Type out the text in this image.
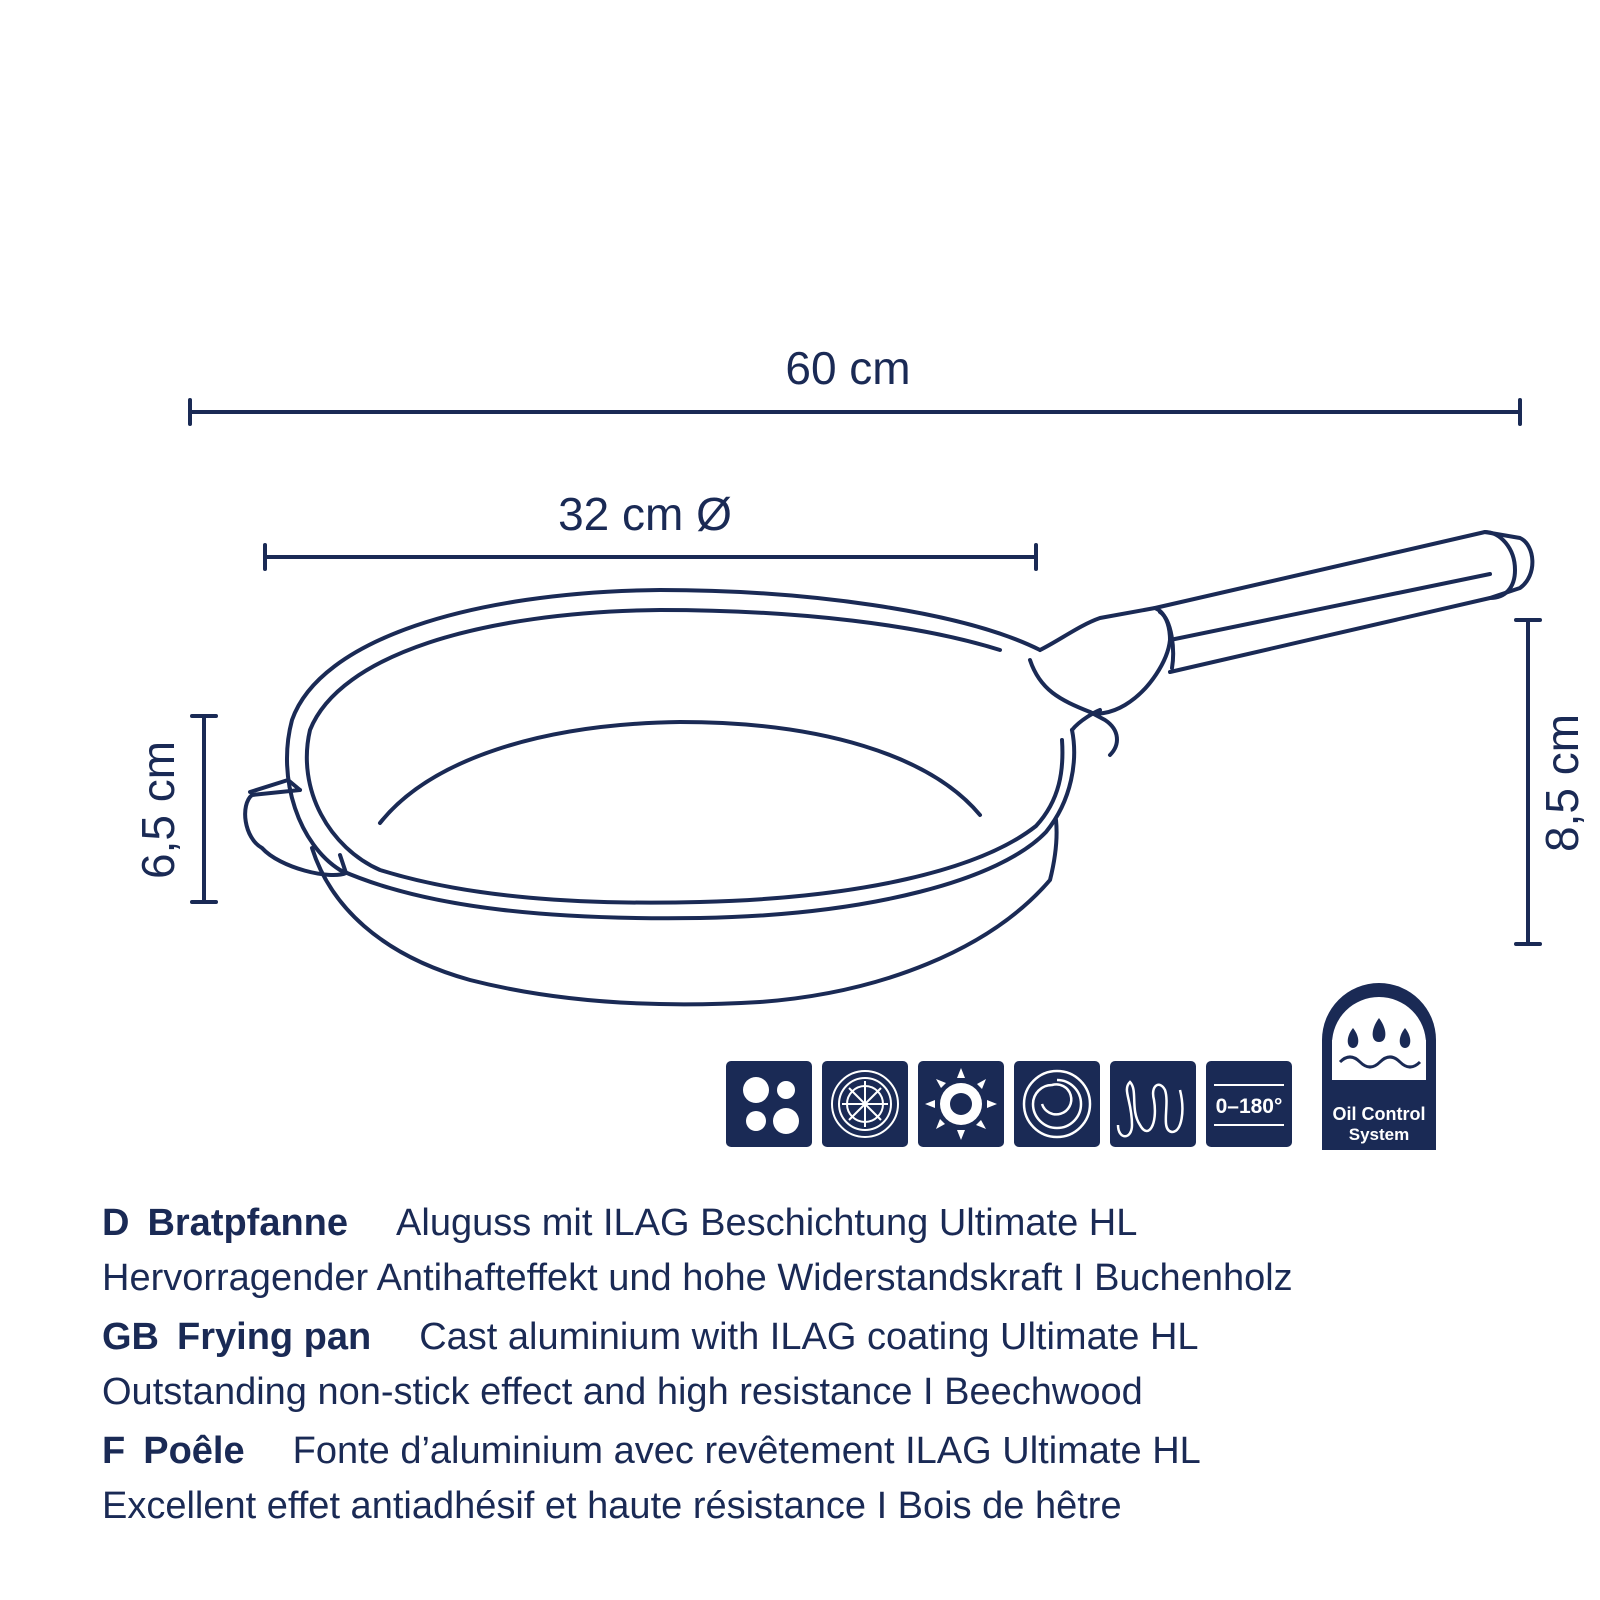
60 cm
32 cm Ø
6,5 cm	8,5 cm
0–180°	Oil Control
System
D Bratpfanne Aluguss mit ILAG Beschichtung Ultimate HL
Hervorragender Antihafteffekt und hohe Widerstandskraft I Buchenholz
GB Frying pan Cast aluminium with ILAG coating Ultimate HL
Outstanding non-stick effect and high resistance I Beechwood
F Poêle Fonte d’aluminium avec revêtement ILAG Ultimate HL
Excellent effet antiadhésif et haute résistance I Bois de hêtre
